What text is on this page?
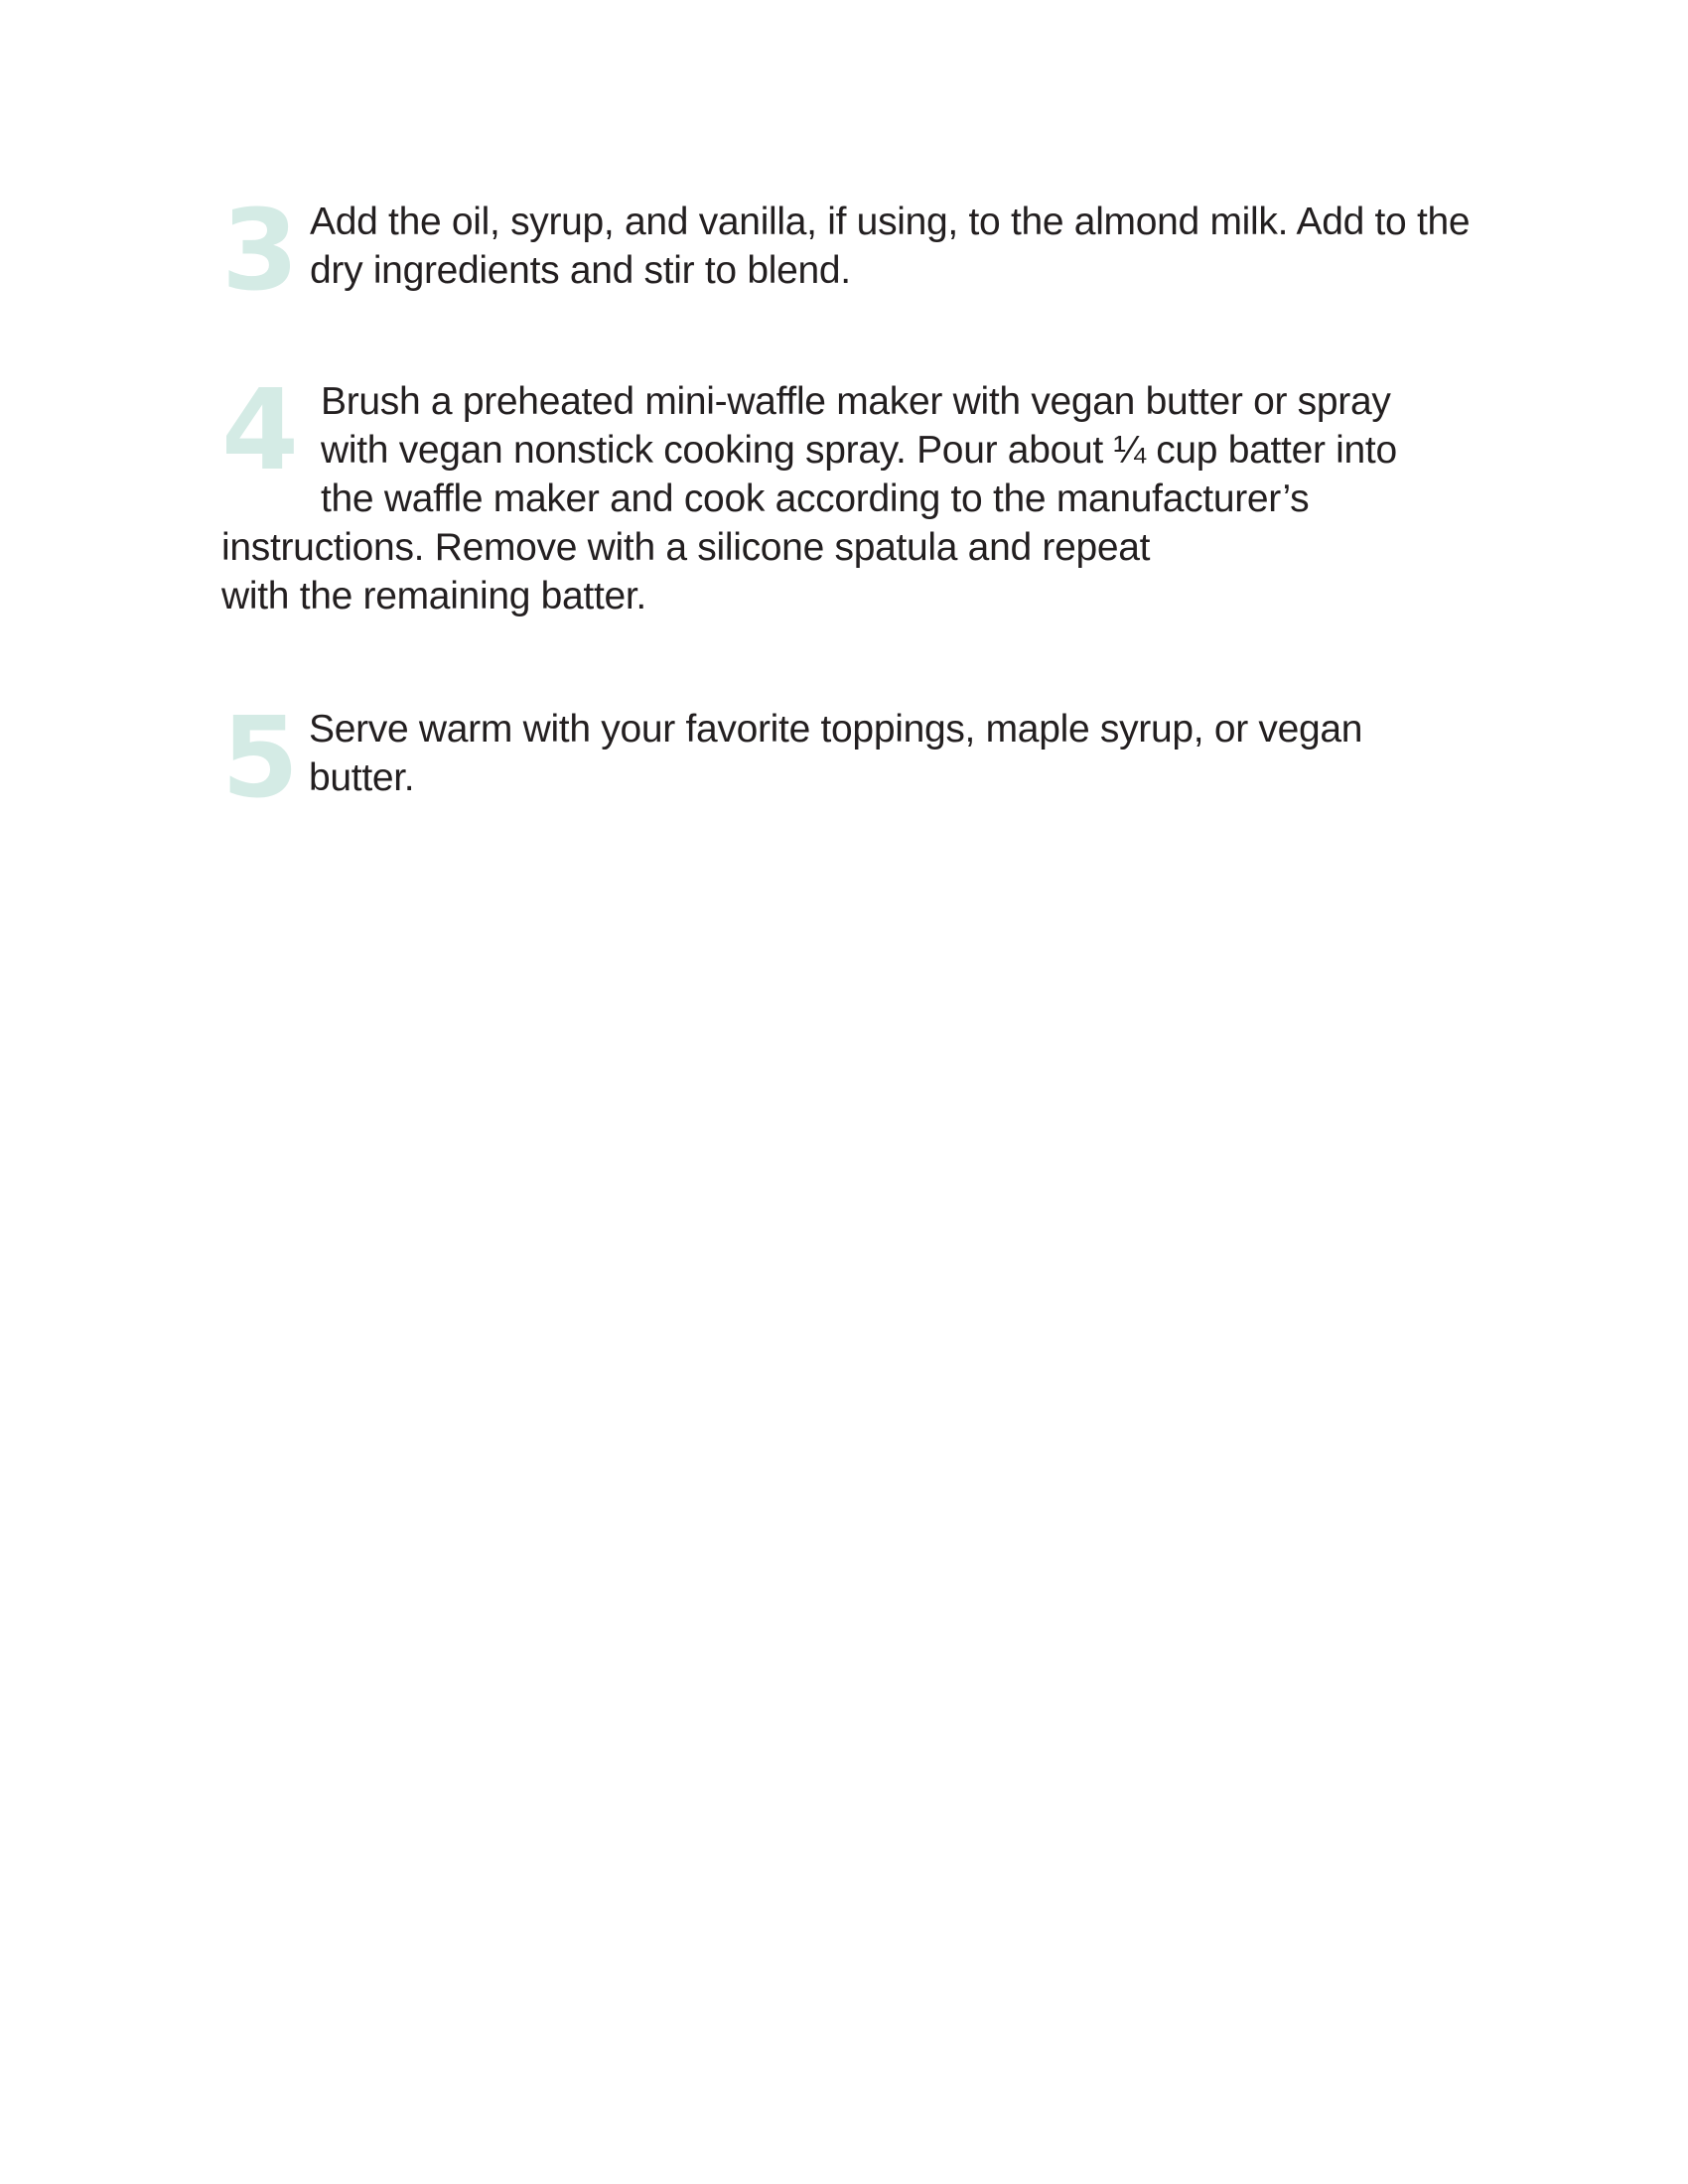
3 Add the oil, syrup, and vanilla, if using, to the almond milk. Add to the dry ingredients and stir to blend.

4 Brush a preheated mini-waffle maker with vegan butter or spray
with vegan nonstick cooking spray. Pour about ¼ cup batter into
the waffle maker and cook according to the manufacturer’s
instructions. Remove with a silicone spatula and repeat with the remaining batter.

5 Serve warm with your favorite toppings, maple syrup, or vegan butter.
